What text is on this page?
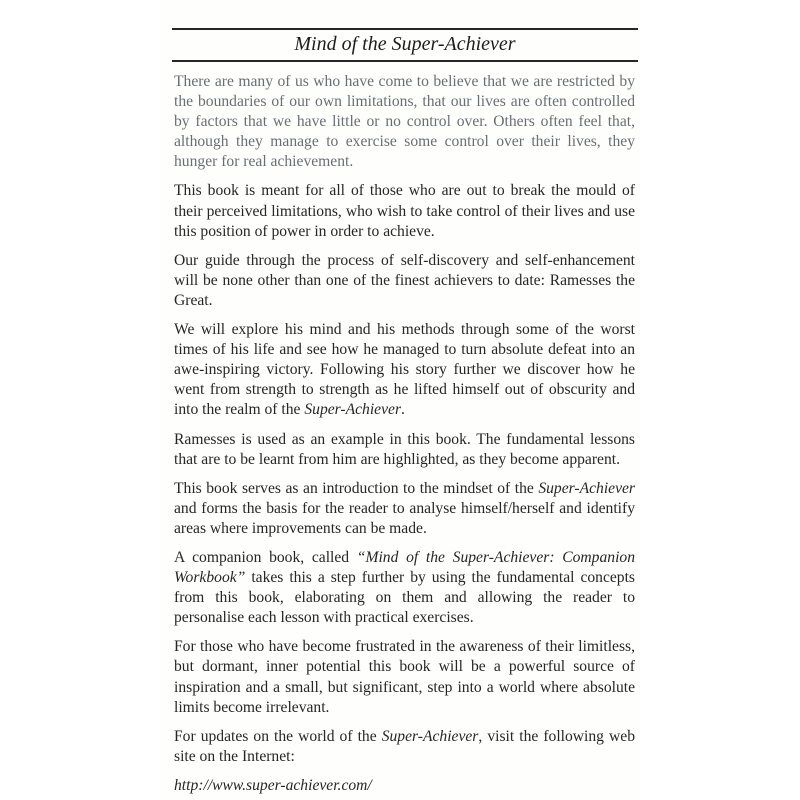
Mind of the Super-Achiever

There are many of us who have come to believe that we are restricted by the boundaries of our own limitations, that our lives are often controlled by factors that we have little or no control over. Others often feel that, although they manage to exercise some control over their lives, they hunger for real achievement.

This book is meant for all of those who are out to break the mould of their perceived limitations, who wish to take control of their lives and use this position of power in order to achieve.

Our guide through the process of self-discovery and self-enhancement will be none other than one of the finest achievers to date: Ramesses the Great.

We will explore his mind and his methods through some of the worst times of his life and see how he managed to turn absolute defeat into an awe-inspiring victory. Following his story further we discover how he went from strength to strength as he lifted himself out of obscurity and into the realm of the Super-Achiever.

Ramesses is used as an example in this book. The fundamental lessons that are to be learnt from him are highlighted, as they become apparent.

This book serves as an introduction to the mindset of the Super-Achiever and forms the basis for the reader to analyse himself/herself and identify areas where improvements can be made.

A companion book, called “Mind of the Super-Achiever: Companion Workbook” takes this a step further by using the fundamental concepts from this book, elaborating on them and allowing the reader to personalise each lesson with practical exercises.

For those who have become frustrated in the awareness of their limitless, but dormant, inner potential this book will be a powerful source of inspiration and a small, but significant, step into a world where absolute limits become irrelevant.

For updates on the world of the Super-Achiever, visit the following web site on the Internet:

http://www.super-achiever.com/
